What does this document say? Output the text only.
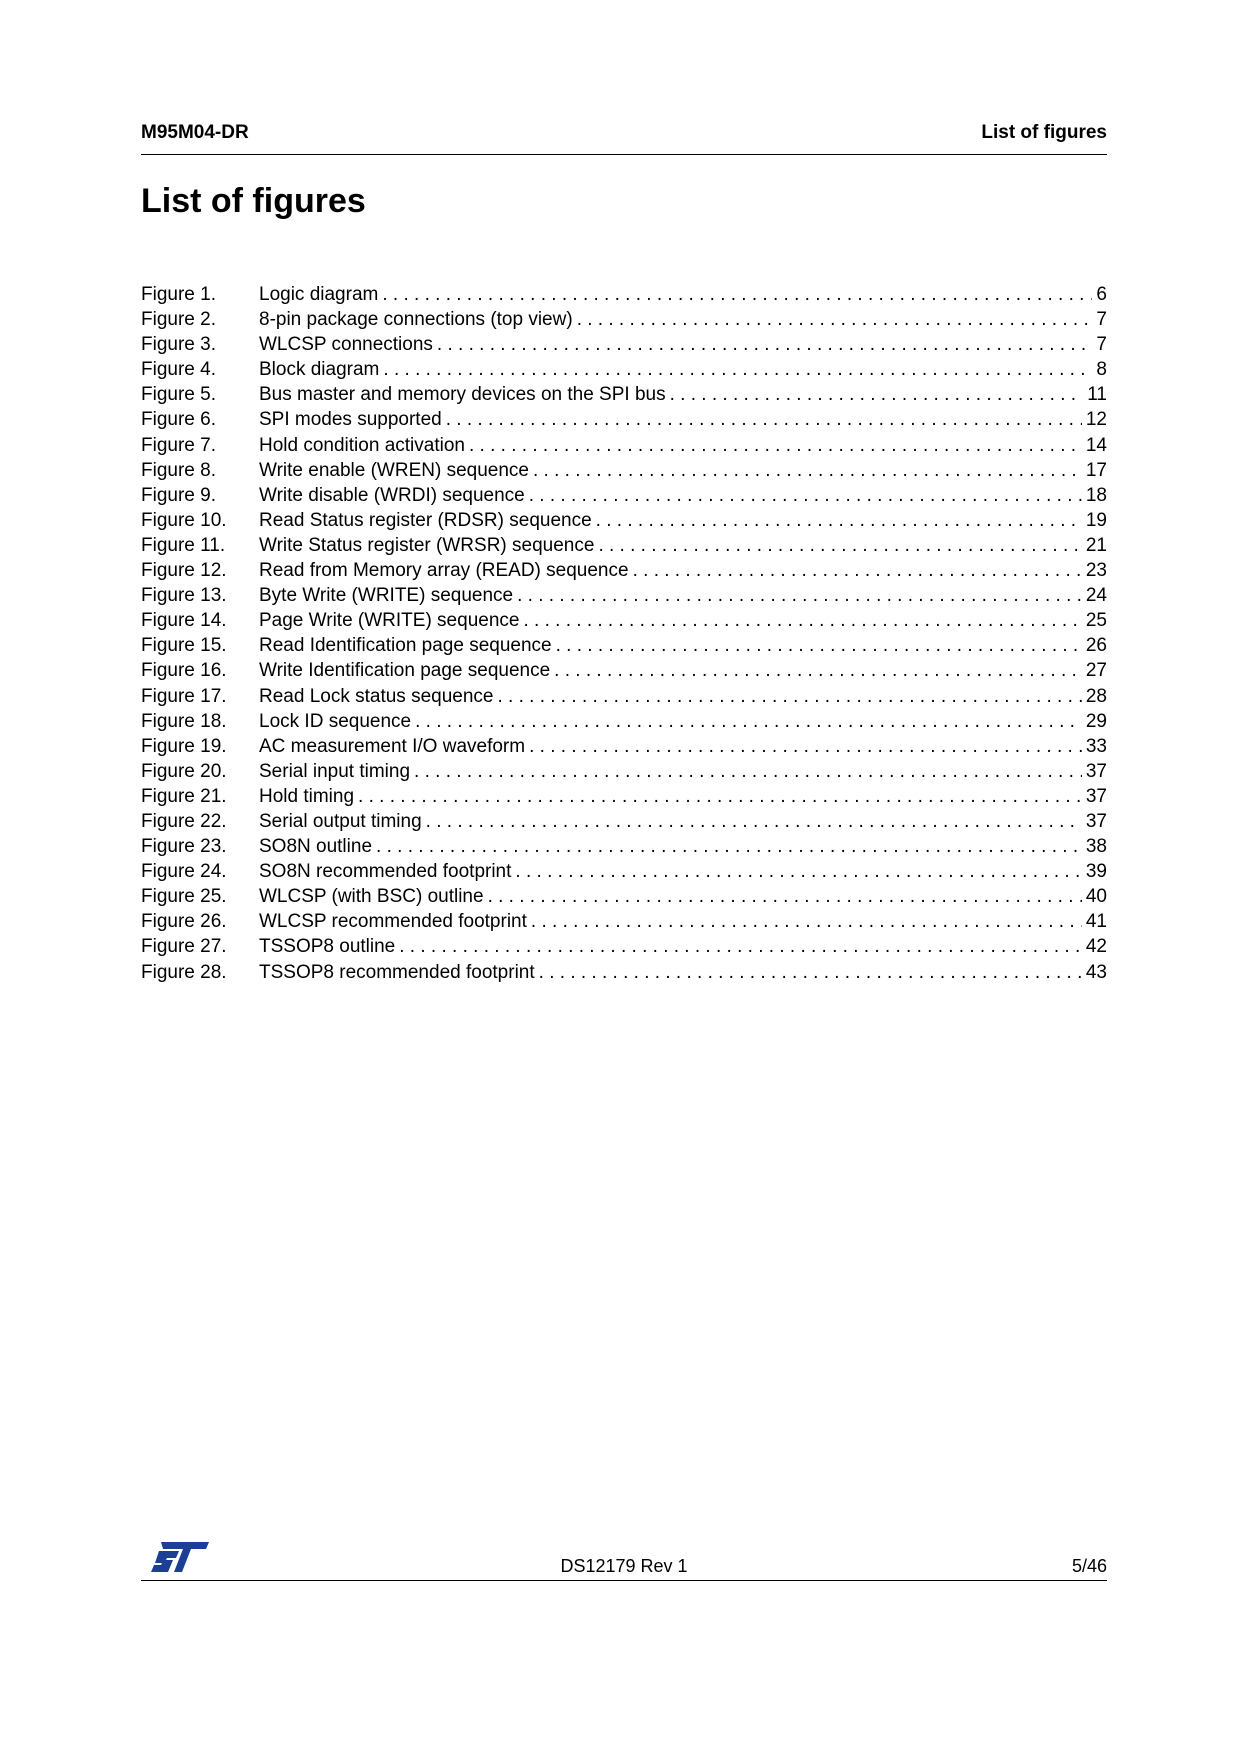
M95M04-DR	List of figures
List of figures
Figure 1.	Logic diagram . . .	6
Figure 2.	8-pin package connections (top view) . . .	7
Figure 3.	WLCSP connections . . .	7
Figure 4.	Block diagram . . .	8
Figure 5.	Bus master and memory devices on the SPI bus . . .	11
Figure 6.	SPI modes supported . . .	12
Figure 7.	Hold condition activation . . .	14
Figure 8.	Write enable (WREN) sequence . . .	17
Figure 9.	Write disable (WRDI) sequence . . .	18
Figure 10.	Read Status register (RDSR) sequence . . .	19
Figure 11.	Write Status register (WRSR) sequence . . .	21
Figure 12.	Read from Memory array (READ) sequence . . .	23
Figure 13.	Byte Write (WRITE) sequence . . .	24
Figure 14.	Page Write (WRITE) sequence . . .	25
Figure 15.	Read Identification page sequence . . .	26
Figure 16.	Write Identification page sequence . . .	27
Figure 17.	Read Lock status sequence . . .	28
Figure 18.	Lock ID sequence . . .	29
Figure 19.	AC measurement I/O waveform . . .	33
Figure 20.	Serial input timing . . .	37
Figure 21.	Hold timing . . .	37
Figure 22.	Serial output timing . . .	37
Figure 23.	SO8N outline . . .	38
Figure 24.	SO8N recommended footprint . . .	39
Figure 25.	WLCSP (with BSC) outline . . .	40
Figure 26.	WLCSP recommended footprint . . .	41
Figure 27.	TSSOP8 outline . . .	42
Figure 28.	TSSOP8 recommended footprint . . .	43
DS12179 Rev 1	5/46
